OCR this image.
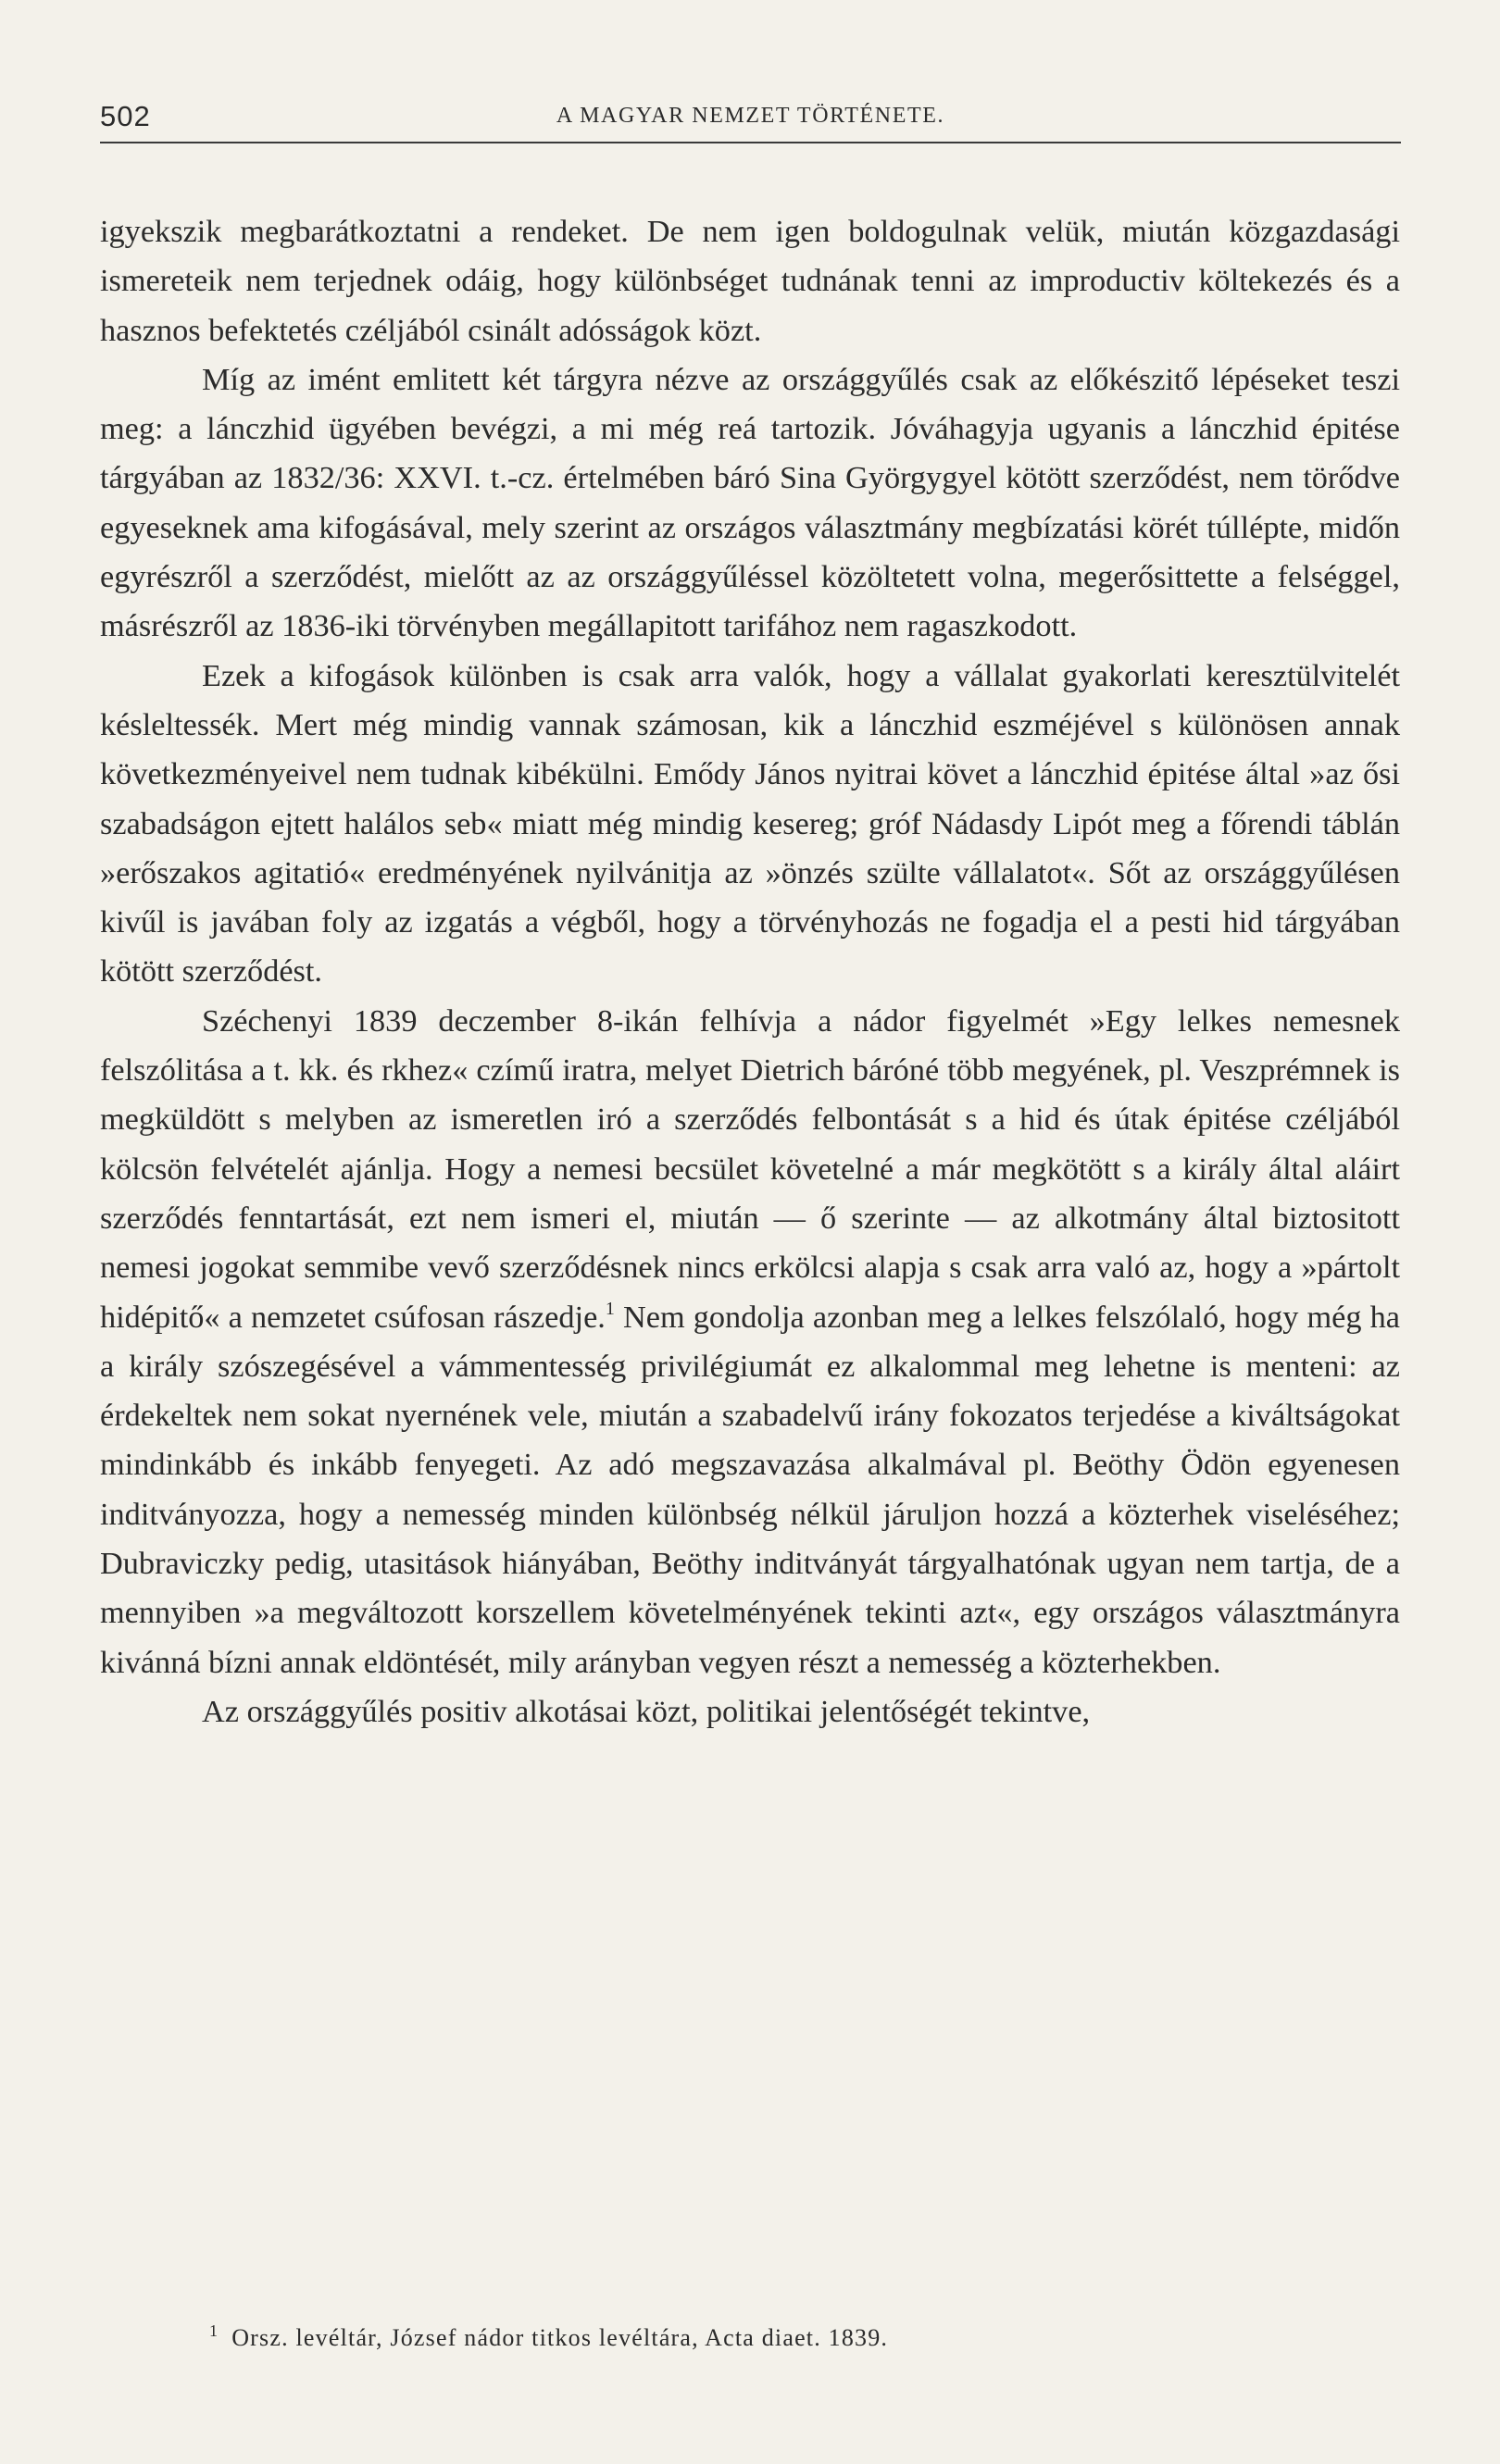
502	A MAGYAR NEMZET TÖRTÉNETE.

igyekszik megbarátkoztatni a rendeket. De nem igen boldogulnak velük, miután közgazdasági ismereteik nem terjednek odáig, hogy különbséget tudnának tenni az improductiv költekezés és a hasznos befektetés czéljából csinált adósságok közt.

Míg az imént emlitett két tárgyra nézve az országgyűlés csak az előkészitő lépéseket teszi meg: a lánczhid ügyében bevégzi, a mi még reá tartozik. Jóváhagyja ugyanis a lánczhid épitése tárgyában az 1832/36: XXVI. t.-cz. értelmében báró Sina Györgygyel kötött szerződést, nem törődve egyeseknek ama kifogásával, mely szerint az országos választmány megbízatási körét túllépte, midőn egyrészről a szerződést, mielőtt az az országgyűléssel közöltetett volna, megerősittette a felséggel, másrészről az 1836-iki törvényben megállapitott tarifához nem ragaszkodott.

Ezek a kifogások különben is csak arra valók, hogy a vállalat gyakorlati keresztülvitelét késleltessék. Mert még mindig vannak számosan, kik a lánczhid eszméjével s különösen annak következményeivel nem tudnak kibékülni. Emődy János nyitrai követ a lánczhid épitése által »az ősi szabadságon ejtett halálos seb« miatt még mindig kesereg; gróf Nádasdy Lipót meg a főrendi táblán »erőszakos agitatió« eredményének nyilvánitja az »önzés szülte vállalatot«. Sőt az országgyűlésen kivűl is javában foly az izgatás a végből, hogy a törvényhozás ne fogadja el a pesti hid tárgyában kötött szerződést.

Széchenyi 1839 deczember 8-ikán felhívja a nádor figyelmét »Egy lelkes nemesnek felszólitása a t. kk. és rkhez« czímű iratra, melyet Dietrich báróné több megyének, pl. Veszprémnek is megküldött s melyben az ismeretlen iró a szerződés felbontását s a hid és útak épitése czéljából kölcsön felvételét ajánlja. Hogy a nemesi becsület követelné a már megkötött s a király által aláirt szerződés fenntartását, ezt nem ismeri el, miután — ő szerinte — az alkotmány által biztositott nemesi jogokat semmibe vevő szerződésnek nincs erkölcsi alapja s csak arra való az, hogy a »pártolt hidépitő« a nemzetet csúfosan rászedje.$^1$ Nem gondolja azonban meg a lelkes felszólaló, hogy még ha a király szószegésével a vámmentesség privilégiumát ez alkalommal meg lehetne is menteni: az érdekeltek nem sokat nyernének vele, miután a szabadelvű irány fokozatos terjedése a kiváltságokat mindinkább és inkább fenyegeti. Az adó megszavazása alkalmával pl. Beöthy Ödön egyenesen inditványozza, hogy a nemesség minden különbség nélkül járuljon hozzá a közterhek viseléséhez; Dubraviczky pedig, utasitások hiányában, Beöthy inditványát tárgyalhatónak ugyan nem tartja, de a mennyiben »a megváltozott korszellem követelményének tekinti azt«, egy országos választmányra kivánná bízni annak eldöntését, mily arányban vegyen részt a nemesség a közterhekben.

Az országgyűlés positiv alkotásai közt, politikai jelentőségét tekintve,

$^1$ Orsz. levéltár, József nádor titkos levéltára, Acta diaet. 1839.
